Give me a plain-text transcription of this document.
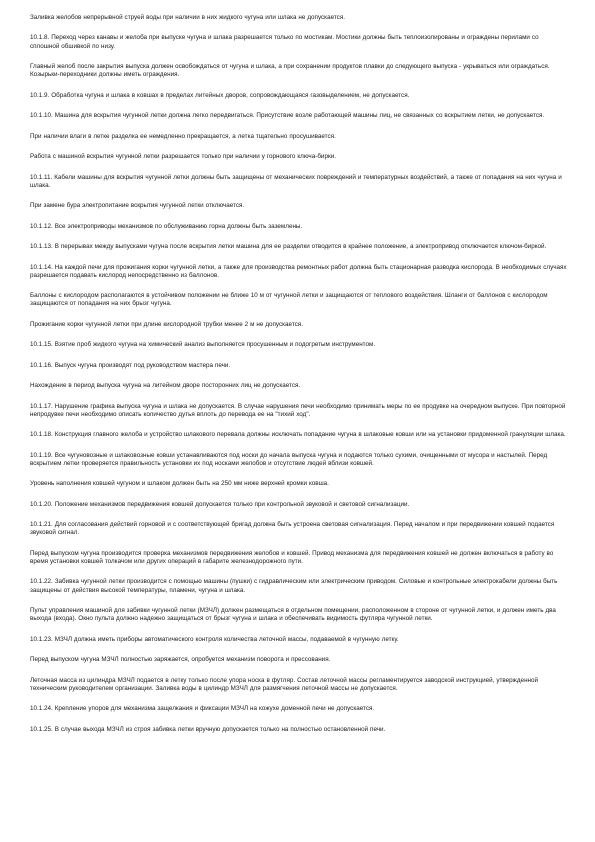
Заливка желобов непрерывной струей воды при наличии в них жидкого чугуна или шлака не допускается.

10.1.8. Переход через канавы и желоба при выпуске чугуна и шлака разрешается только по мостикам. Мостики должны быть теплоизолированы и ограждены перилами со сплошной обшивкой по низу.

Главный желоб после закрытия выпуска должен освобождаться от чугуна и шлака, а при сохранении продуктов плавки до следующего выпуска - укрываться или ограждаться. Козырьки-переходники должны иметь ограждения.

10.1.9. Обработка чугуна и шлака в ковшах в пределах литейных дворов, сопровождающаяся газовыделением, не допускается.

10.1.10. Машина для вскрытия чугунной летки должна легко передвигаться. Присутствие возле работающей машины лиц, не связанных со вскрытием летки, не допускается.

При наличии влаги в летке разделка ее немедленно прекращается, а летка тщательно просушивается.

Работа с машиной вскрытия чугунной летки разрешается только при наличии у горнового ключа-бирки.

10.1.11. Кабели машины для вскрытия чугунной летки должны быть защищены от механических повреждений и температурных воздействий, а также от попадания на них чугуна и шлака.

При замене бура электропитание вскрытия чугунной летки отключается.

10.1.12. Все электроприводы механизмов по обслуживанию горна должны быть заземлены.

10.1.13. В перерывах между выпусками чугуна после вскрытия летки машина для ее разделки отводится в крайнее положение, а электропривод отключается ключом-биркой.

10.1.14. На каждой печи для прожигания корки чугунной летки, а также для производства ремонтных работ должна быть стационарная разводка кислорода. В необходимых случаях разрешается подавать кислород непосредственно из баллонов.

Баллоны с кислородом располагаются в устойчивом положении не ближе 10 м от чугунной летки и защищаются от теплового воздействия. Шланги от баллонов с кислородом защищаются от попадания на них брызг чугуна.

Прожигание корки чугунной летки при длине кислородной трубки менее 2 м не допускается.

10.1.15. Взятие проб жидкого чугуна на химический анализ выполняется просушенным и подогретым инструментом.

10.1.16. Выпуск чугуна производят под руководством мастера печи.

Нахождение в период выпуска чугуна на литейном дворе посторонних лиц не допускается.

10.1.17. Нарушение графика выпуска чугуна и шлака не допускается. В случае нарушения печи необходимо принимать меры по ее продувке на очередном выпуске. При повторной непродувке печи необходимо описать количество дутья вплоть до перевода ее на "тихий ход".

10.1.18. Конструкция главного желоба и устройство шлакового перевала должны исключать попадание чугуна в шлаковые ковши или на установки придоменной грануляции шлака.

10.1.19. Все чугуновозные и шлаковозные ковши устанавливаются под носки до начала выпуска чугуна и подаются только сухими, очищенными от мусора и настылей. Перед вскрытием летки проверяется правильность установки их под носками желобов и отсутствие людей вблизи ковшей.

Уровень наполнения ковшей чугуном и шлаком должен быть на 250 мм ниже верхней кромки ковша.

10.1.20. Положение механизмов передвижения ковшей допускается только при контрольной звуковой и световой сигнализации.

10.1.21. Для согласования действий горновой и с соответствующей бригад должна быть устроена световая сигнализация. Перед началом и при передвижении ковшей подается звуковой сигнал.

Перед выпуском чугуна производится проверка механизмов передвижения желобов и ковшей. Привод механизма для передвижения ковшей не должен включаться в работу во время установки ковшей толкачом или других операций в габарите железнодорожного пути.

10.1.22. Забивка чугунной летки производится с помощью машины (пушки) с гидравлическим или электрическим приводом. Силовые и контрольные электрокабели должны быть защищены от действия высокой температуры, пламени, чугуна и шлака.

Пульт управления машиной для забивки чугунной летки (МЗЧЛ) должен размещаться в отдельном помещении, расположенном в стороне от чугунной летки, и должен иметь два выхода (входа). Окно пульта должно надежно защищаться от брызг чугуна и шлака и обеспечивать видимость футляра чугунной летки.

10.1.23. МЗЧЛ должна иметь приборы автоматического контроля количества леточной массы, подаваемой в чугунную летку.

Перед выпуском чугуна МЗЧЛ полностью заряжается, опробуется механизм поворота и прессования.

Леточная масса из цилиндра МЗЧЛ подается в летку только после упора носка в футляр. Состав леточной массы регламентируется заводской инструкцией, утвержденной техническим руководителем организации. Заливка воды в цилиндр МЗЧЛ для размягчения леточной массы не допускается.

10.1.24. Крепление упоров для механизма защелкания и фиксации МЗЧЛ на кожухе доменной печи не допускается.

10.1.25. В случае выхода МЗЧЛ из строя забивка летки вручную допускается только на полностью остановленной печи.
